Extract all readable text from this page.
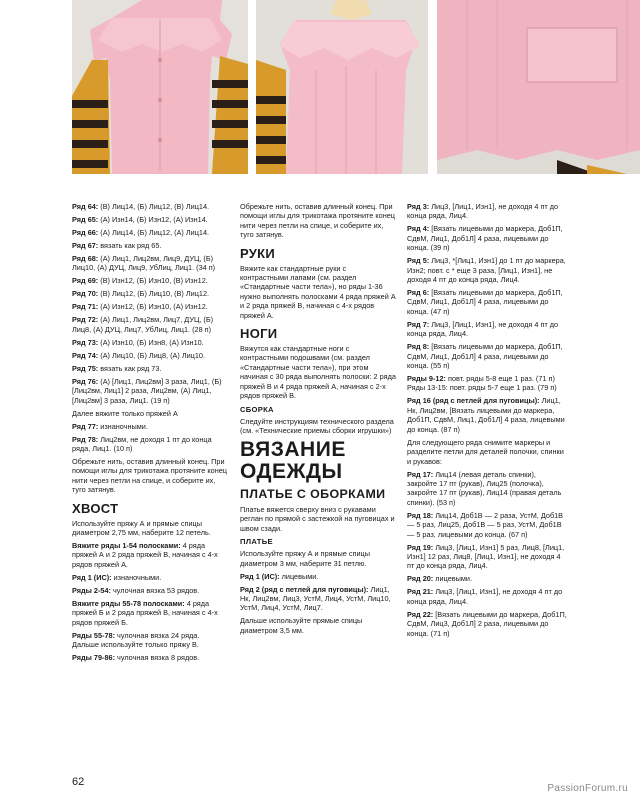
Ряд 64: (В) Лиц14, (Б) Лиц12, (В) Лиц14.

Ряд 65: (А) Изн14, (Б) Изн12, (А) Изн14.

Ряд 66: (А) Лиц14, (Б) Лиц12, (А) Лиц14.

Ряд 67: вязать как ряд 65.

Ряд 68: (А) Лиц1, Лиц2вм, Лиц9, ДУЦ, (Б) Лиц10, (А) ДУЦ, Лиц9, УбЛиц, Лиц1. (34 п)

Ряд 69: (В) Изн12, (Б) Изн10, (В) Изн12.

Ряд 70: (В) Лиц12, (Б) Лиц10, (В) Лиц12.

Ряд 71: (А) Изн12, (Б) Изн10, (А) Изн12.

Ряд 72: (А) Лиц1, Лиц2вм, Лиц7, ДУЦ, (Б) Лиц8, (А) ДУЦ, Лиц7, УбЛиц, Лиц1. (28 п)

Ряд 73: (А) Изн10, (Б) Изн8, (А) Изн10.

Ряд 74: (А) Лиц10, (Б) Лиц8, (А) Лиц10.

Ряд 75: вязать как ряд 73.

Ряд 76: (А) [Лиц1, Лиц2вм] 3 раза, Лиц1, (Б) [Лиц2вм, Лиц1] 2 раза, Лиц2вм, (А) Лиц1, [Лиц2вм] 3 раза, Лиц1. (19 п)

Далее вяжите только пряжей А

Ряд 77: изнаночными.

Ряд 78: Лиц2вм, не доходя 1 пт до конца ряда, Лиц1. (10 п)

Обрежьте нить, оставив длинный конец. При помощи иглы для трикотажа протяните конец нити через петли на спице, и соберите их, туго затянув.

ХВОСТ

Используйте пряжу А и прямые спицы диаметром 2,75 мм, наберите 12 петель.

Вяжите ряды 1-54 полосками: 4 ряда пряжей А и 2 ряда пряжей В, начиная с 4-х рядов пряжей А.

Ряд 1 (ИС): изнаночными.

Ряды 2-54: чулочная вязка 53 рядов.

Вяжите ряды 55-78 полосками: 4 ряда пряжей Б и 2 ряда пряжей В, начиная с 4-х рядов пряжей Б.

Ряды 55-78: чулочная вязка 24 ряда. Дальше используйте только пряжу В.

Ряды 79-86: чулочная вязка 8 рядов.

Обрежьте нить, оставив длинный конец. При помощи иглы для трикотажа протяните конец нити через петли на спице, и соберите их, туго затянув.

РУКИ

Вяжите как стандартные руки с контрастными лапами (см. раздел «Стандартные части тела»), но ряды 1-36 нужно выполнять полосками 4 ряда пряжей А и 2 ряда пряжей В, начиная с 4-х рядов пряжей А.

НОГИ

Вяжутся как стандартные ноги с контрастными подошвами (см. раздел «Стандартные части тела»), при этом начиная с 30 ряда выполнять полоски: 2 ряда пряжей В и 4 ряда пряжей А, начиная с 2-х рядов пряжей В.

СБОРКА

Следуйте инструкциям технического раздела (см. «Технические приемы сборки игрушки»)

ВЯЗАНИЕ ОДЕЖДЫ
ПЛАТЬЕ С ОБОРКАМИ

Платье вяжется сверху вниз с рукавами реглан по прямой с застежкой на пуговицах и швом сзади.

ПЛАТЬЕ

Используйте пряжу А и прямые спицы диаметром 3 мм, наберите 31 петлю.

Ряд 1 (ИС): лицевыми.

Ряд 2 (ряд с петлей для пуговицы): Лиц1, Нк, Лиц2вм, Лиц3, УстМ, Лиц4, УстМ, Лиц10, УстМ, Лиц4, УстМ, Лиц7.

Дальше используйте прямые спицы диаметром 3,5 мм.

Ряд 3: Лиц3, [Лиц1, Изн1], не доходя 4 пт до конца ряда, Лиц4.

Ряд 4: [Вязать лицевыми до маркера, Доб1П, СдвМ, Лиц1, Доб1Л] 4 раза, лицевыми до конца. (39 п)

Ряд 5: Лиц3, *[Лиц1, Изн1] до 1 пт до маркера, Изн2; повт. с * еще 3 раза, [Лиц1, Изн1], не доходя 4 пт до конца ряда, Лиц4.

Ряд 6: [Вязать лицевыми до маркера, Доб1П, СдвМ, Лиц1, Доб1Л] 4 раза, лицевыми до конца. (47 п)

Ряд 7: Лиц3, [Лиц1, Изн1], не доходя 4 пт до конца ряда, Лиц4.

Ряд 8: [Вязать лицевыми до маркера, Доб1П, СдвМ, Лиц1, Доб1Л] 4 раза, лицевыми до конца. (55 п)

Ряды 9-12: повт. ряды 5-8 еще 1 раз. (71 п) Ряды 13-15: повт. ряды 5-7 еще 1 раз. (79 п)

Ряд 16 (ряд с петлей для пуговицы): Лиц1, Нк, Лиц2вм, [Вязать лицевыми до маркера, Доб1П, СдвМ, Лиц1, Доб1Л] 4 раза, лицевыми до конца. (87 п)

Для следующего ряда снимите маркеры и разделите петли для деталей полочки, спинки и рукавов:

Ряд 17: Лиц14 (левая деталь спинки), закройте 17 пт (рукав), Лиц25 (полочка), закройте 17 пт (рукав), Лиц14 (правая деталь спинки). (53 п)

Ряд 18: Лиц14, Доб1В — 2 раза, УстМ, Доб1В — 5 раз, Лиц25, Доб1В — 5 раз, УстМ, Доб1В — 5 раз, лицевыми до конца. (67 п)

Ряд 19: Лиц3, [Лиц1, Изн1] 5 раз, Лиц8, [Лиц1, Изн1] 12 раз, Лиц8, [Лиц1, Изн1], не доходя 4 пт до конца ряда, Лиц4.

Ряд 20: лицевыми.

Ряд 21: Лиц3, [Лиц1, Изн1], не доходя 4 пт до конца ряда, Лиц4.

Ряд 22: [Вязать лицевыми до маркера, Доб1П, СдвМ, Лиц3, Доб1Л] 2 раза, лицевыми до конца. (71 п)

62
PassionForum.ru
